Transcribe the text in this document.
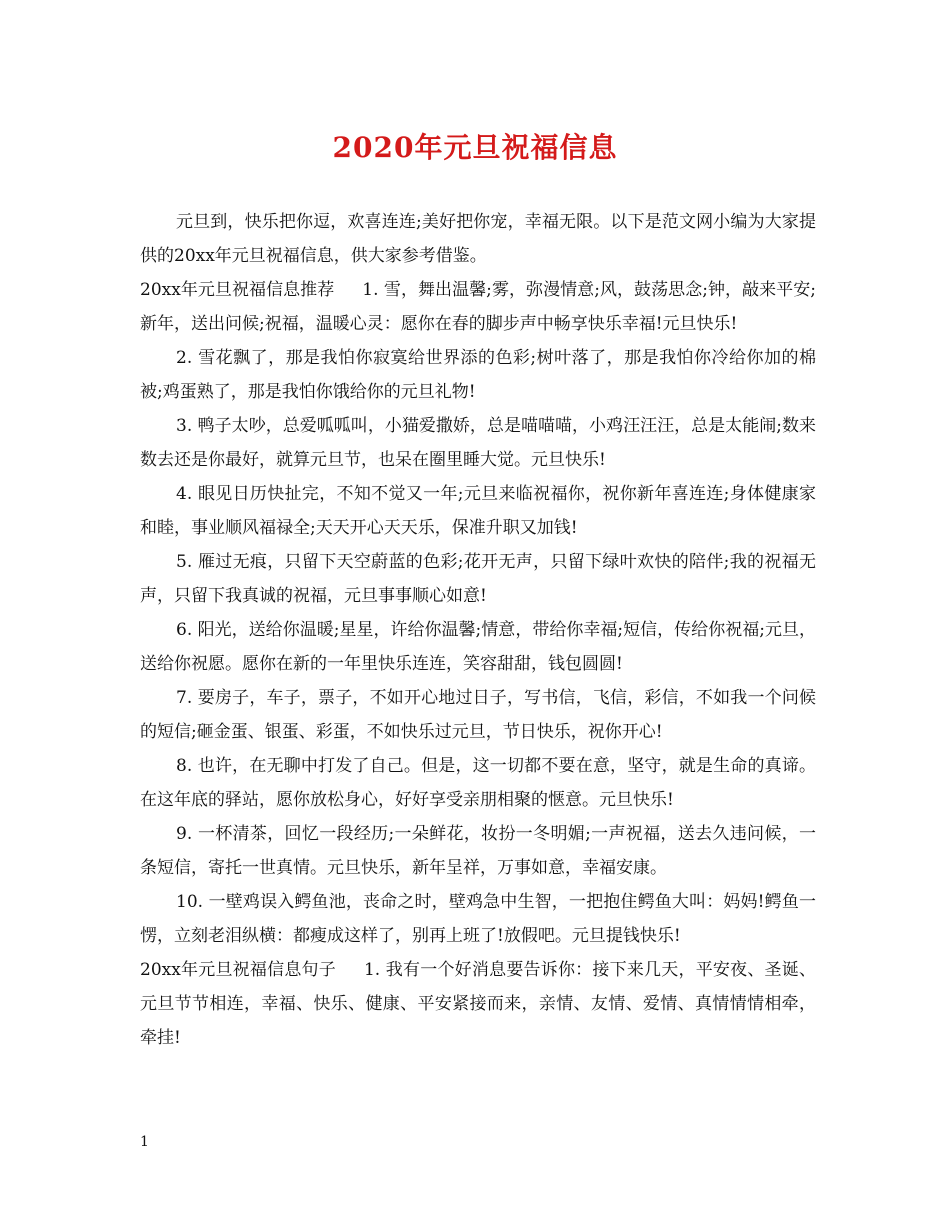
2020年元旦祝福信息

元旦到，快乐把你逗，欢喜连连;美好把你宠，幸福无限。以下是范文网小编为大家提供的20xx年元旦祝福信息，供大家参考借鉴。

20xx年元旦祝福信息推荐 1. 雪，舞出温馨;雾，弥漫情意;风，鼓荡思念;钟，敲来平安;新年，送出问候;祝福，温暖心灵：愿你在春的脚步声中畅享快乐幸福!元旦快乐!

2. 雪花飘了，那是我怕你寂寞给世界添的色彩;树叶落了，那是我怕你冷给你加的棉被;鸡蛋熟了，那是我怕你饿给你的元旦礼物!

3. 鸭子太吵，总爱呱呱叫，小猫爱撒娇，总是喵喵喵，小鸡汪汪汪，总是太能闹;数来数去还是你最好，就算元旦节，也呆在圈里睡大觉。元旦快乐!

4. 眼见日历快扯完，不知不觉又一年;元旦来临祝福你，祝你新年喜连连;身体健康家和睦，事业顺风福禄全;天天开心天天乐，保准升职又加钱!

5. 雁过无痕，只留下天空蔚蓝的色彩;花开无声，只留下绿叶欢快的陪伴;我的祝福无声，只留下我真诚的祝福，元旦事事顺心如意!

6. 阳光，送给你温暖;星星，许给你温馨;情意，带给你幸福;短信，传给你祝福;元旦，送给你祝愿。愿你在新的一年里快乐连连，笑容甜甜，钱包圆圆!

7. 要房子，车子，票子，不如开心地过日子，写书信，飞信，彩信，不如我一个问候的短信;砸金蛋、银蛋、彩蛋，不如快乐过元旦，节日快乐，祝你开心!

8. 也许，在无聊中打发了自己。但是，这一切都不要在意，坚守，就是生命的真谛。在这年底的驿站，愿你放松身心，好好享受亲朋相聚的惬意。元旦快乐!

9. 一杯清茶，回忆一段经历;一朵鲜花，妆扮一冬明媚;一声祝福，送去久违问候，一条短信，寄托一世真情。元旦快乐，新年呈祥，万事如意，幸福安康。

10. 一壁鸡误入鳄鱼池，丧命之时，壁鸡急中生智，一把抱住鳄鱼大叫：妈妈!鳄鱼一愣，立刻老泪纵横：都瘦成这样了，别再上班了!放假吧。元旦提钱快乐!

20xx年元旦祝福信息句子 1. 我有一个好消息要告诉你：接下来几天，平安夜、圣诞、元旦节节相连，幸福、快乐、健康、平安紧接而来，亲情、友情、爱情、真情情情相牵，牵挂!

1
